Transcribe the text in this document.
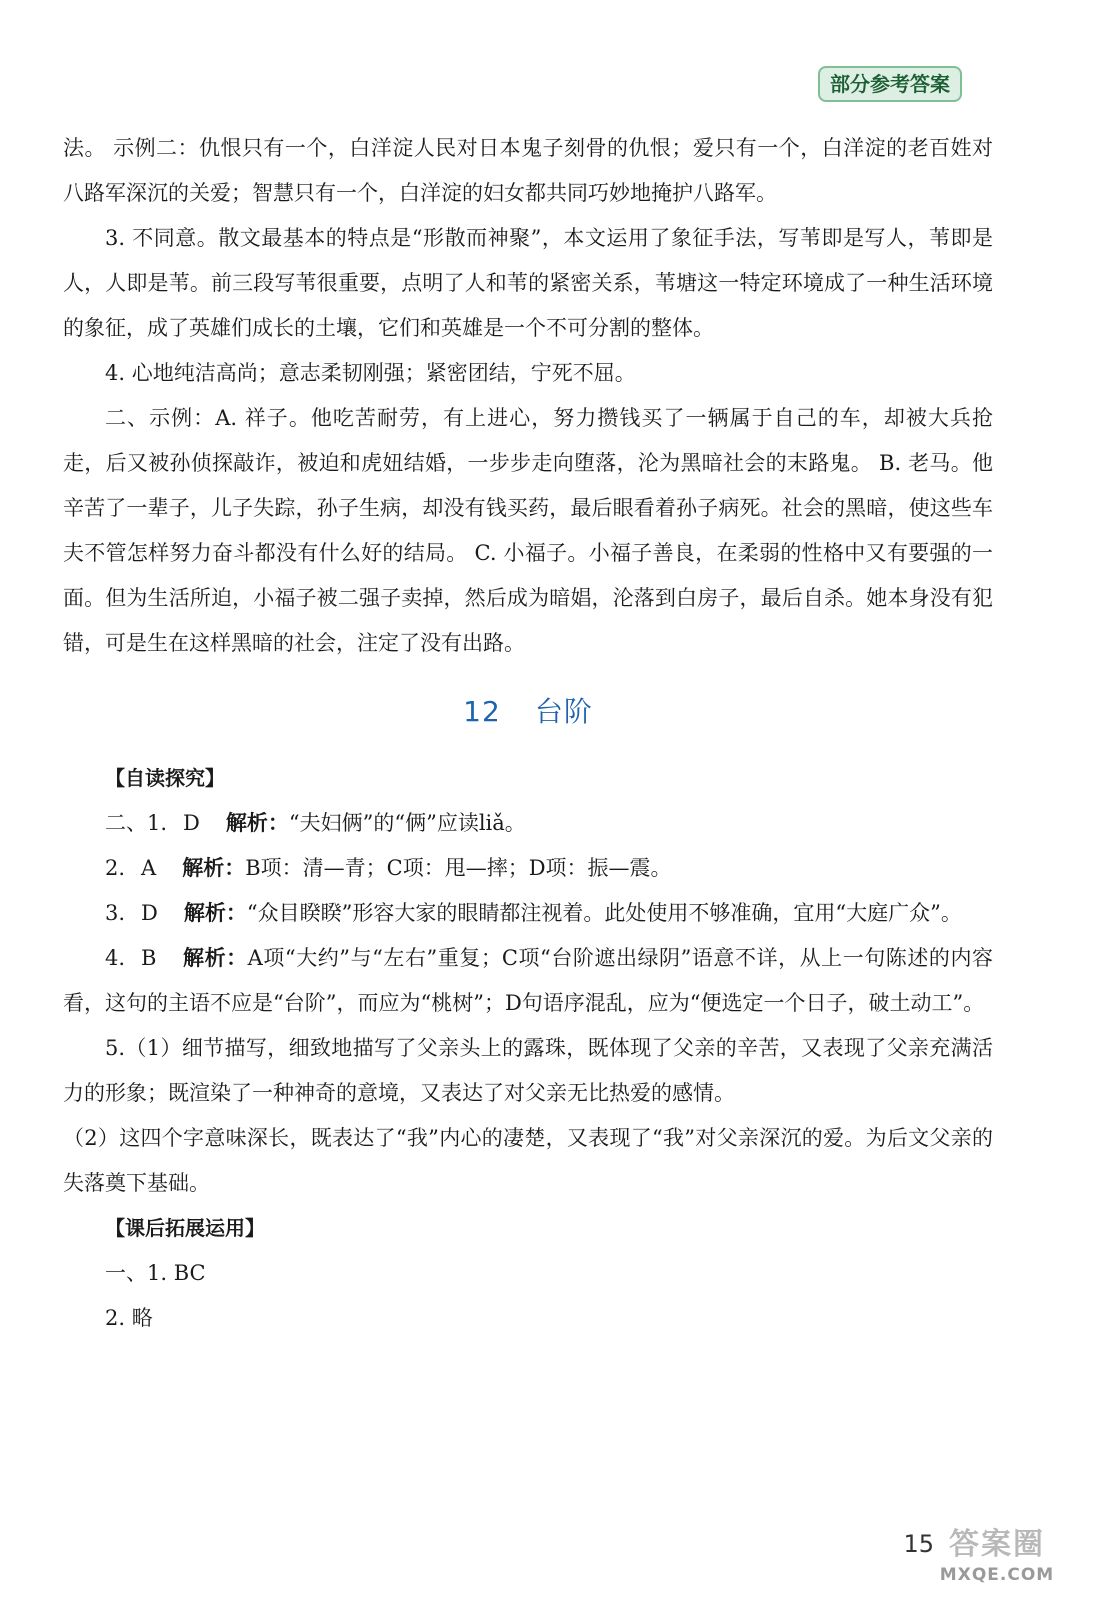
部分参考答案

法。 示例二：仇恨只有一个，白洋淀人民对日本鬼子刻骨的仇恨；爱只有一个，白洋淀的老百姓对八路军深沉的关爱；智慧只有一个，白洋淀的妇女都共同巧妙地掩护八路军。

3. 不同意。散文最基本的特点是“形散而神聚”，本文运用了象征手法，写苇即是写人，苇即是人，人即是苇。前三段写苇很重要，点明了人和苇的紧密关系，苇塘这一特定环境成了一种生活环境的象征，成了英雄们成长的土壤，它们和英雄是一个不可分割的整体。

4. 心地纯洁高尚；意志柔韧刚强；紧密团结，宁死不屈。

二、示例：A. 祥子。他吃苦耐劳，有上进心，努力攒钱买了一辆属于自己的车，却被大兵抢走，后又被孙侦探敲诈，被迫和虎妞结婚，一步步走向堕落，沦为黑暗社会的末路鬼。 B. 老马。他辛苦了一辈子，儿子失踪，孙子生病，却没有钱买药，最后眼看着孙子病死。社会的黑暗，使这些车夫不管怎样努力奋斗都没有什么好的结局。 C. 小福子。小福子善良，在柔弱的性格中又有要强的一面。但为生活所迫，小福子被二强子卖掉，然后成为暗娼，沦落到白房子，最后自杀。她本身没有犯错，可是生在这样黑暗的社会，注定了没有出路。

12 台阶
【自读探究】

二、1. D 解析：“夫妇俩”的“俩”应读liǎ。

2. A 解析：B项：清—青；C项：甩—摔；D项：振—震。

3. D 解析：“众目睽睽”形容大家的眼睛都注视着。此处使用不够准确，宜用“大庭广众”。

4. B 解析：A项“大约”与“左右”重复；C项“台阶遮出绿阴”语意不详，从上一句陈述的内容看，这句的主语不应是“台阶”，而应为“桃树”；D句语序混乱，应为“便选定一个日子，破土动工”。

5.（1）细节描写，细致地描写了父亲头上的露珠，既体现了父亲的辛苦，又表现了父亲充满活力的形象；既渲染了一种神奇的意境，又表达了对父亲无比热爱的感情。

（2）这四个字意味深长，既表达了“我”内心的凄楚，又表现了“我”对父亲深沉的爱。为后文父亲的失落奠下基础。

【课后拓展运用】

一、1. BC

2. 略

15 答案圈
MXQE.COM
